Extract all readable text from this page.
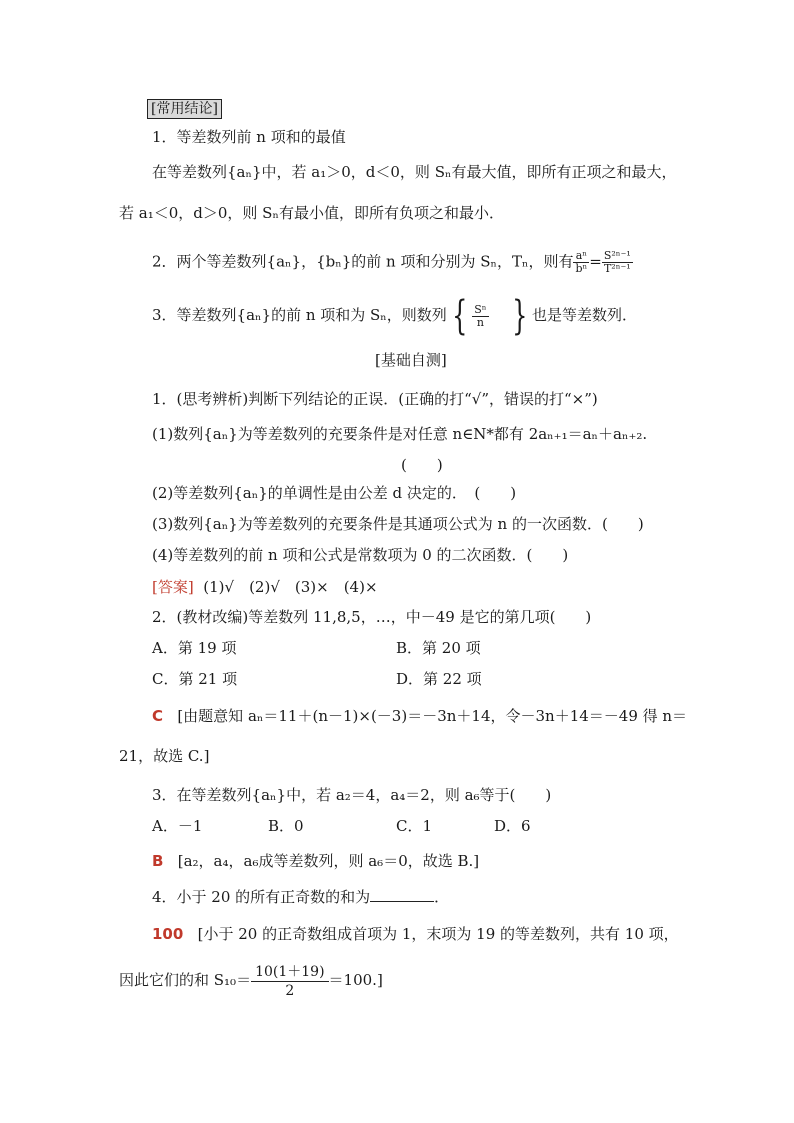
[常用结论]
1．等差数列前 n 项和的最值
在等差数列{aₙ}中，若 a₁＞0，d＜0，则 Sₙ有最大值，即所有正项之和最大，
若 a₁＜0，d＞0，则 Sₙ有最小值，即所有负项之和最小．
2．两个等差数列{aₙ}，{bₙ}的前 n 项和分别为 Sₙ，Tₙ，则有 $\frac{\text{aⁿ}}{\text{bⁿ}} = \frac{\text{S²ⁿ⁻¹}}{\text{T²ⁿ⁻¹}}$
3．等差数列{aₙ}的前 n 项和为 Sₙ，则数列 { $\frac{\text{Sⁿ}}{n}$ } 也是等差数列．
[基础自测]
1．(思考辨析)判断下列结论的正误．(正确的打“√”，错误的打“×”)
(1)数列{aₙ}为等差数列的充要条件是对任意 n∈N*都有 2aₙ₊₁＝aₙ＋aₙ₊₂.
(　　)
(2)等差数列{aₙ}的单调性是由公差 d 决定的．　(　　)
(3)数列{aₙ}为等差数列的充要条件是其通项公式为 n 的一次函数．(　　)
(4)等差数列的前 n 项和公式是常数项为 0 的二次函数．(　　)
[答案] (1)√　(2)√　(3)×　(4)×
2．(教材改编)等差数列 11,8,5，…，中－49 是它的第几项(　　)
A．第 19 项	B．第 20 项
C．第 21 项	D．第 22 项
C [由题意知 aₙ＝11＋(n－1)×(－3)＝－3n＋14，令－3n＋14＝－49 得 n＝
21，故选 C.]
3．在等差数列{aₙ}中，若 a₂＝4，a₄＝2，则 a₆等于(　　)
A．－1	B．0	C．1	D．6
B [a₂，a₄，a₆成等差数列，则 a₆＝0，故选 B.]
4．小于 20 的所有正奇数的和为	．
100 [小于 20 的正奇数组成首项为 1，末项为 19 的等差数列，共有 10 项，
因此它们的和 $S_{10}= \frac{10(1+19)}{2} =100$.]
